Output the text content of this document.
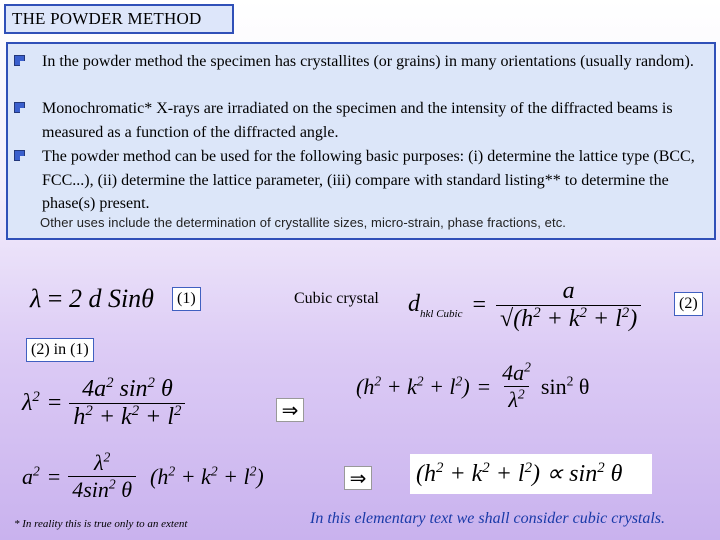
THE POWDER METHOD
In the powder method the specimen has crystallites (or grains) in many orientations (usually random).
Monochromatic* X-rays are irradiated on the specimen and the intensity of the diffracted beams is measured as a function of the diffracted angle.
The powder method can be used for the following basic purposes: (i) determine the lattice type (BCC, FCC...), (ii) determine the lattice parameter, (iii) compare with standard listing** to determine the phase(s) present.
Other uses include the determination of crystallite sizes, micro-strain, phase fractions, etc.
λ = 2 d Sinθ	(1)	Cubic crystal $d_{hkl Cubic} = \frac{a}{√(h^2 + k^2 + l^2)}$	(2)
(2) in (1)
$\lambda^2 = \frac{4a^2 \sin^2 \theta}{h^2 + k^2 + l^2}$	⇒
$(h^2 + k^2 + l^2) = \frac{4a^2}{\lambda^2} \sin^2 \theta$
$a^2 = \frac{\lambda^2}{4\sin^2 \theta} (h^2 + k^2 + l^2)$	⇒ $(h^2 + k^2 + l^2) \propto \sin^2 \theta$
* In reality this is true only to an extent	In this elementary text we shall consider cubic crystals.
